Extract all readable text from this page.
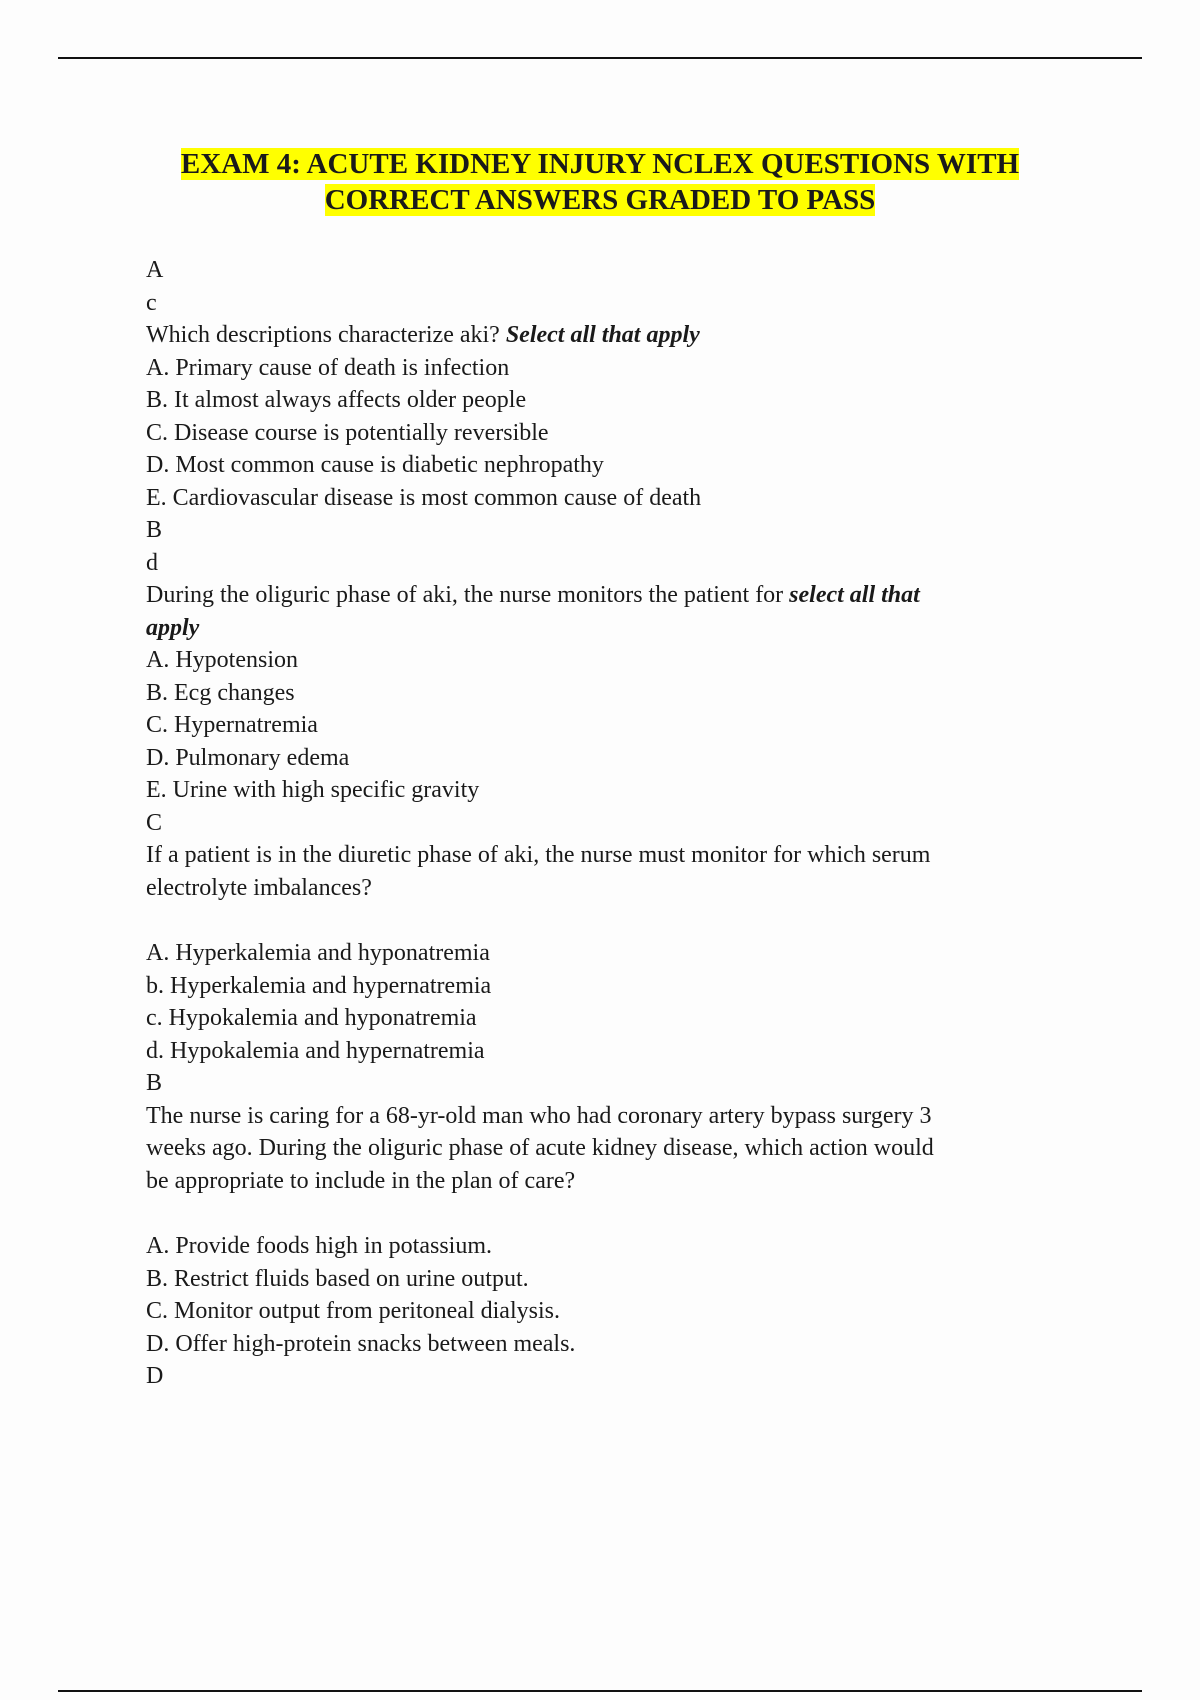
EXAM 4: ACUTE KIDNEY INJURY NCLEX QUESTIONS WITH
CORRECT ANSWERS GRADED TO PASS

A

c

Which descriptions characterize aki? Select all that apply

A. Primary cause of death is infection

B. It almost always affects older people

C. Disease course is potentially reversible

D. Most common cause is diabetic nephropathy

E. Cardiovascular disease is most common cause of death

B

d

During the oliguric phase of aki, the nurse monitors the patient for select all that

apply

A. Hypotension

B. Ecg changes

C. Hypernatremia

D. Pulmonary edema

E. Urine with high specific gravity

C

If a patient is in the diuretic phase of aki, the nurse must monitor for which serum

electrolyte imbalances?

A. Hyperkalemia and hyponatremia

b. Hyperkalemia and hypernatremia

c. Hypokalemia and hyponatremia

d. Hypokalemia and hypernatremia

B

The nurse is caring for a 68-yr-old man who had coronary artery bypass surgery 3

weeks ago. During the oliguric phase of acute kidney disease, which action would

be appropriate to include in the plan of care?

A. Provide foods high in potassium.

B. Restrict fluids based on urine output.

C. Monitor output from peritoneal dialysis.

D. Offer high-protein snacks between meals.

D
